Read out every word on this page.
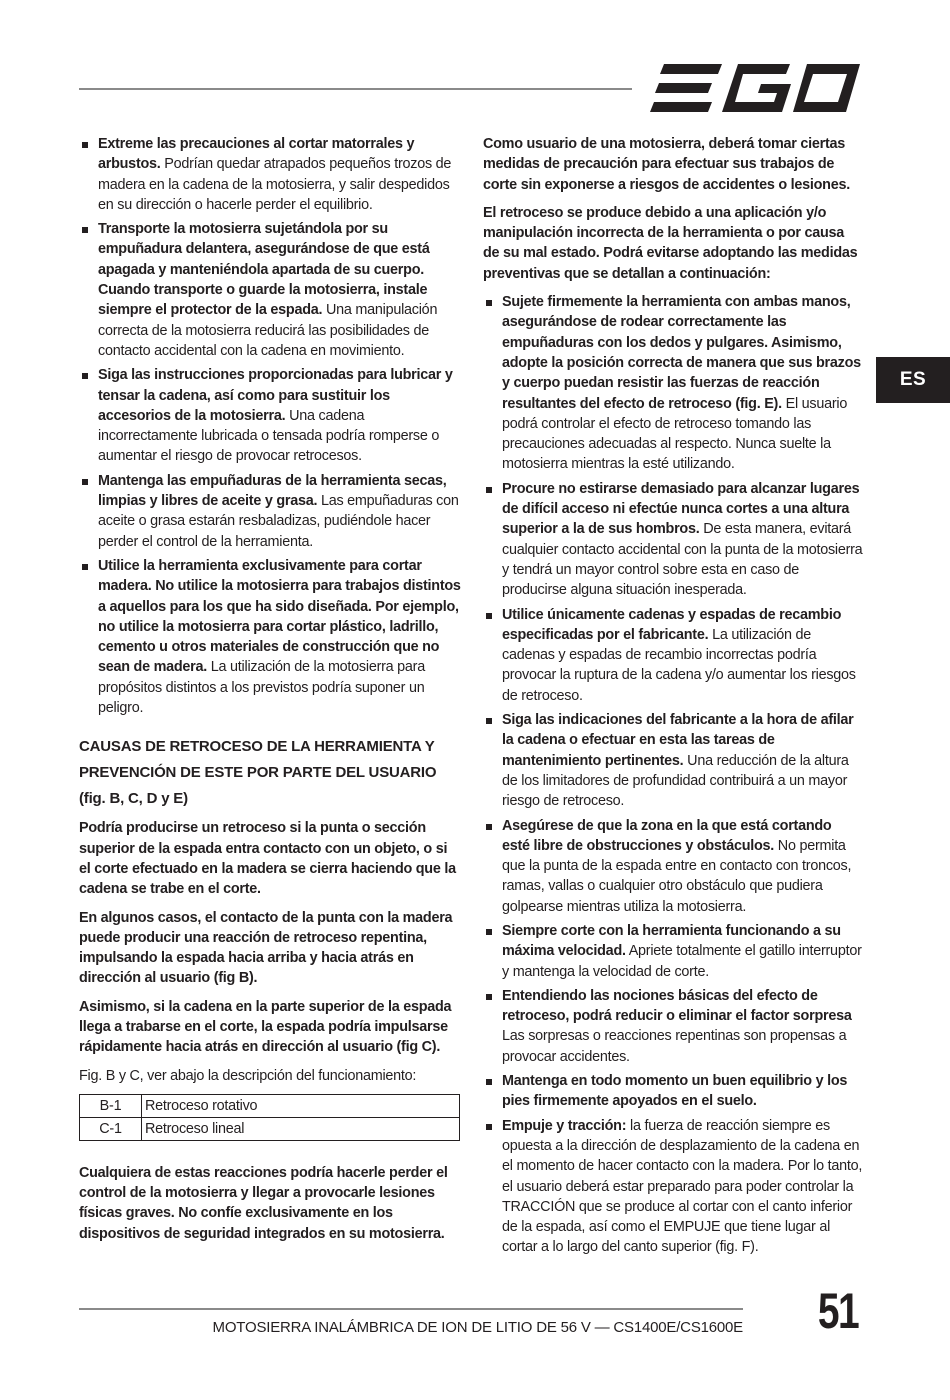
ES
Extreme las precauciones al cortar matorrales y arbustos. Podrían quedar atrapados pequeños trozos de madera en la cadena de la motosierra, y salir despedidos en su dirección o hacerle perder el equilibrio.
Transporte la motosierra sujetándola por su empuñadura delantera, asegurándose de que está apagada y manteniéndola apartada de su cuerpo. Cuando transporte o guarde la motosierra, instale siempre el protector de la espada. Una manipulación correcta de la motosierra reducirá las posibilidades de contacto accidental con la cadena en movimiento.
Siga las instrucciones proporcionadas para lubricar y tensar la cadena, así como para sustituir los accesorios de la motosierra. Una cadena incorrectamente lubricada o tensada podría romperse o aumentar el riesgo de provocar retrocesos.
Mantenga las empuñaduras de la herramienta secas, limpias y libres de aceite y grasa. Las empuñaduras con aceite o grasa estarán resbaladizas, pudiéndole hacer perder el control de la herramienta.
Utilice la herramienta exclusivamente para cortar madera. No utilice la motosierra para trabajos distintos a aquellos para los que ha sido diseñada. Por ejemplo, no utilice la motosierra para cortar plástico, ladrillo, cemento u otros materiales de construcción que no sean de madera. La utilización de la motosierra para propósitos distintos a los previstos podría suponer un peligro.
CAUSAS DE RETROCESO DE LA HERRAMIENTA Y PREVENCIÓN DE ESTE POR PARTE DEL USUARIO (fig. B, C, D y E)

Podría producirse un retroceso si la punta o sección superior de la espada entra contacto con un objeto, o si el corte efectuado en la madera se cierra haciendo que la cadena se trabe en el corte.

En algunos casos, el contacto de la punta con la madera puede producir una reacción de retroceso repentina, impulsando la espada hacia arriba y hacia atrás en dirección al usuario (fig B).

Asimismo, si la cadena en la parte superior de la espada llega a trabarse en el corte, la espada podría impulsarse rápidamente hacia atrás en dirección al usuario (fig C).

Fig. B y C, ver abajo la descripción del funcionamiento:

B-1	Retroceso rotativo
C-1	Retroceso lineal

Cualquiera de estas reacciones podría hacerle perder el control de la motosierra y llegar a provocarle lesiones físicas graves. No confíe exclusivamente en los dispositivos de seguridad integrados en su motosierra.

Como usuario de una motosierra, deberá tomar ciertas medidas de precaución para efectuar sus trabajos de corte sin exponerse a riesgos de accidentes o lesiones.

El retroceso se produce debido a una aplicación y/o manipulación incorrecta de la herramienta o por causa de su mal estado. Podrá evitarse adoptando las medidas preventivas que se detallan a continuación:

Sujete firmemente la herramienta con ambas manos, asegurándose de rodear correctamente las empuñaduras con los dedos y pulgares. Asimismo, adopte la posición correcta de manera que sus brazos y cuerpo puedan resistir las fuerzas de reacción resultantes del efecto de retroceso (fig. E). El usuario podrá controlar el efecto de retroceso tomando las precauciones adecuadas al respecto. Nunca suelte la motosierra mientras la esté utilizando.
Procure no estirarse demasiado para alcanzar lugares de difícil acceso ni efectúe nunca cortes a una altura superior a la de sus hombros. De esta manera, evitará cualquier contacto accidental con la punta de la motosierra y tendrá un mayor control sobre esta en caso de producirse alguna situación inesperada.
Utilice únicamente cadenas y espadas de recambio especificadas por el fabricante. La utilización de cadenas y espadas de recambio incorrectas podría provocar la ruptura de la cadena y/o aumentar los riesgos de retroceso.
Siga las indicaciones del fabricante a la hora de afilar la cadena o efectuar en esta las tareas de mantenimiento pertinentes. Una reducción de la altura de los limitadores de profundidad contribuirá a un mayor riesgo de retroceso.
Asegúrese de que la zona en la que está cortando esté libre de obstrucciones y obstáculos. No permita que la punta de la espada entre en contacto con troncos, ramas, vallas o cualquier otro obstáculo que pudiera golpearse mientras utiliza la motosierra.
Siempre corte con la herramienta funcionando a su máxima velocidad. Apriete totalmente el gatillo interruptor y mantenga la velocidad de corte.
Entendiendo las nociones básicas del efecto de retroceso, podrá reducir o eliminar el factor sorpresa Las sorpresas o reacciones repentinas son propensas a provocar accidentes.
Mantenga en todo momento un buen equilibrio y los pies firmemente apoyados en el suelo.
Empuje y tracción: la fuerza de reacción siempre es opuesta a la dirección de desplazamiento de la cadena en el momento de hacer contacto con la madera. Por lo tanto, el usuario deberá estar preparado para poder controlar la TRACCIÓN que se produce al cortar con el canto inferior de la espada, así como el EMPUJE que tiene lugar al cortar a lo largo del canto superior (fig. F).
MOTOSIERRA INALÁMBRICA DE ION DE LITIO DE 56 V — CS1400E/CS1600E 51
